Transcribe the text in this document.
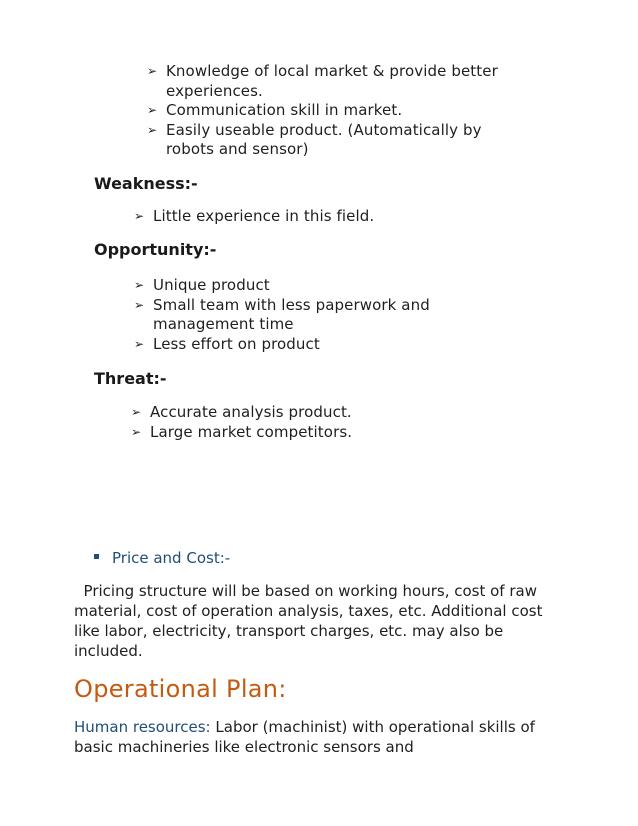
➢ Knowledge of local market & provide better experiences.
➢ Communication skill in market.
➢ Easily useable product. (Automatically by robots and sensor)
Weakness:-
➢ Little experience in this field.
Opportunity:-
➢ Unique product
➢ Small team with less paperwork and management time
➢ Less effort on product
Threat:-
➢ Accurate analysis product.
➢ Large market competitors.
Price and Cost:-

Pricing structure will be based on working hours, cost of raw material, cost of operation analysis, taxes, etc. Additional cost like labor, electricity, transport charges, etc. may also be included.

Operational Plan:

Human resources: Labor (machinist) with operational skills of basic machineries like electronic sensors and
